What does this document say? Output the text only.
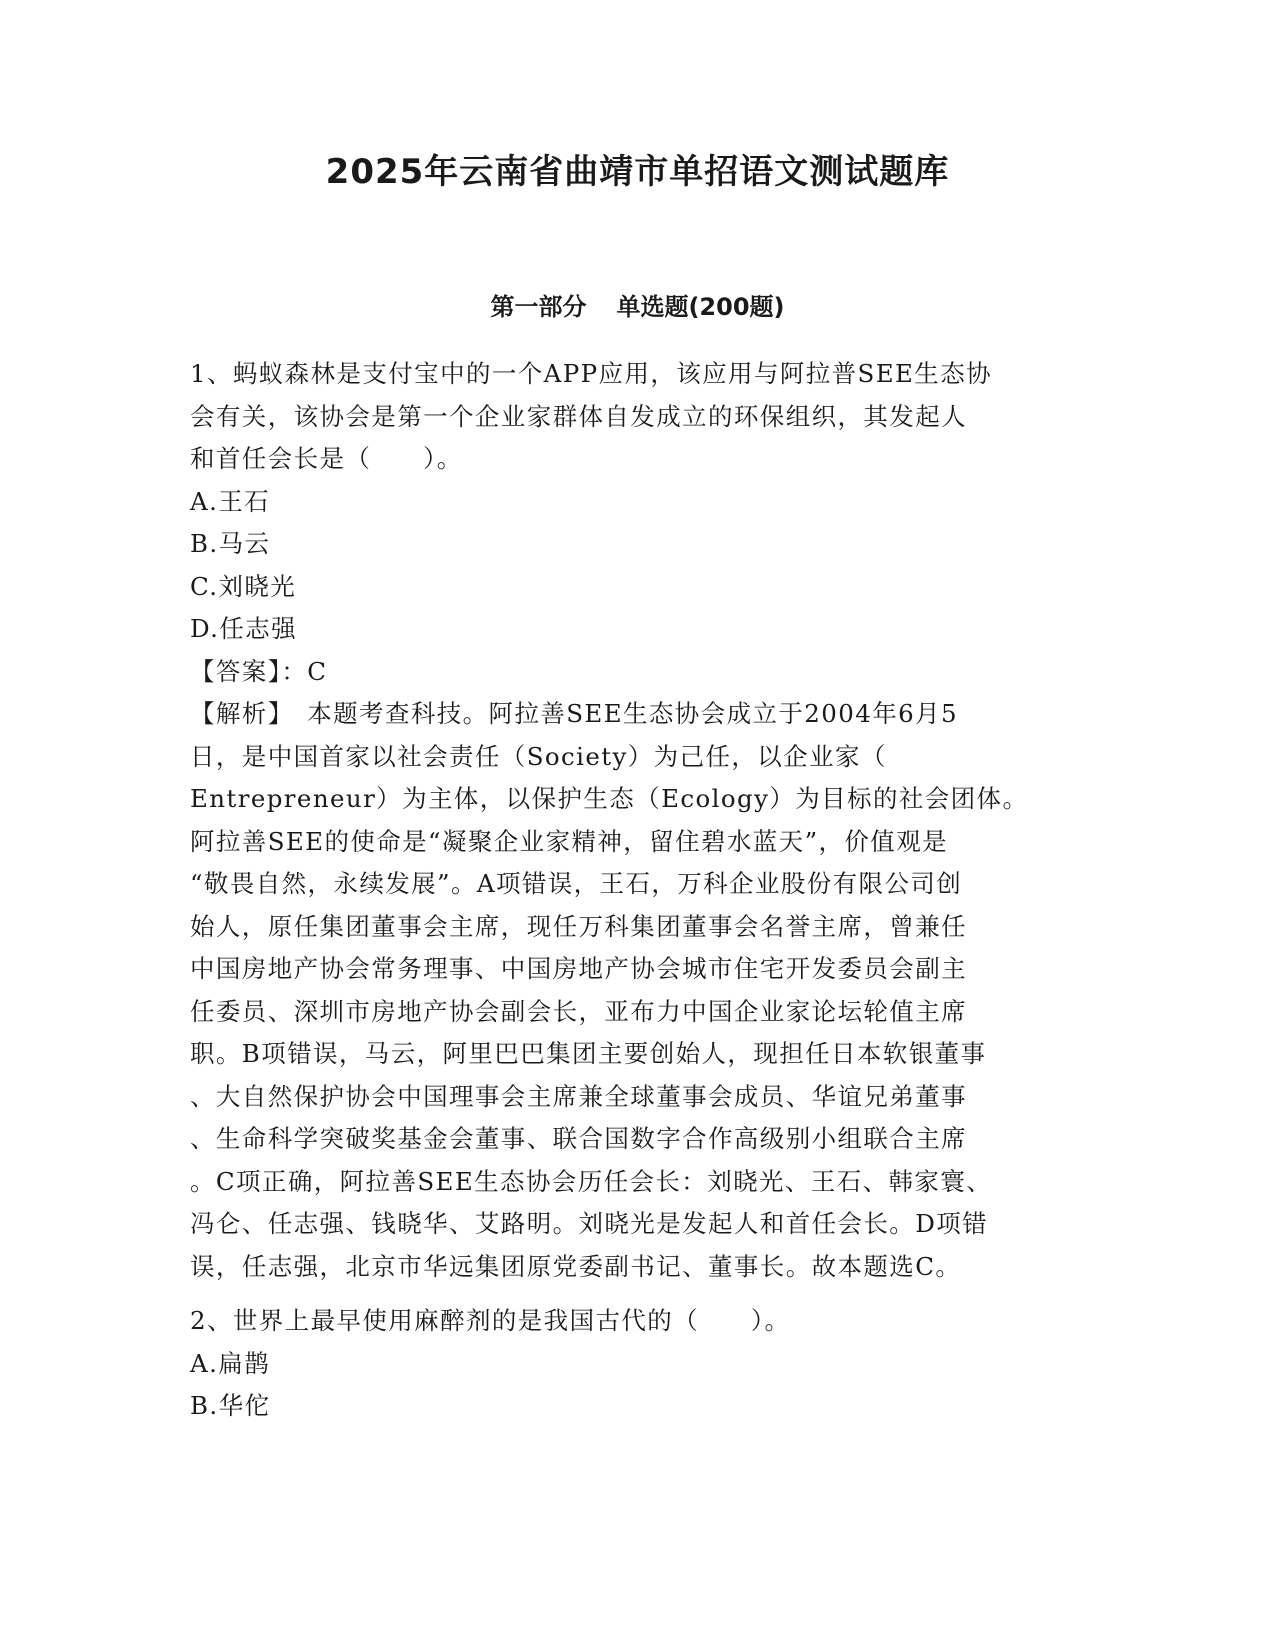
2025年云南省曲靖市单招语文测试题库
第一部分 单选题(200题)
1、蚂蚁森林是支付宝中的一个APP应用，该应用与阿拉普SEE生态协
会有关，该协会是第一个企业家群体自发成立的环保组织，其发起人
和首任会长是（　　）。
A.王石
B.马云
C.刘晓光
D.任志强
【答案】：C
【解析】　本题考查科技。阿拉善SEE生态协会成立于2004年6月5
日，是中国首家以社会责任（Society）为己任，以企业家（
Entrepreneur）为主体，以保护生态（Ecology）为目标的社会团体。
阿拉善SEE的使命是“凝聚企业家精神，留住碧水蓝天”，价值观是
“敬畏自然，永续发展”。A项错误，王石，万科企业股份有限公司创
始人，原任集团董事会主席，现任万科集团董事会名誉主席，曾兼任
中国房地产协会常务理事、中国房地产协会城市住宅开发委员会副主
任委员、深圳市房地产协会副会长，亚布力中国企业家论坛轮值主席
职。B项错误，马云，阿里巴巴集团主要创始人，现担任日本软银董事
、大自然保护协会中国理事会主席兼全球董事会成员、华谊兄弟董事
、生命科学突破奖基金会董事、联合国数字合作高级别小组联合主席
。C项正确，阿拉善SEE生态协会历任会长：刘晓光、王石、韩家寰、
冯仑、任志强、钱晓华、艾路明。刘晓光是发起人和首任会长。D项错
误，任志强，北京市华远集团原党委副书记、董事长。故本题选C。
2、世界上最早使用麻醉剂的是我国古代的（　　）。
A.扁鹊
B.华佗
